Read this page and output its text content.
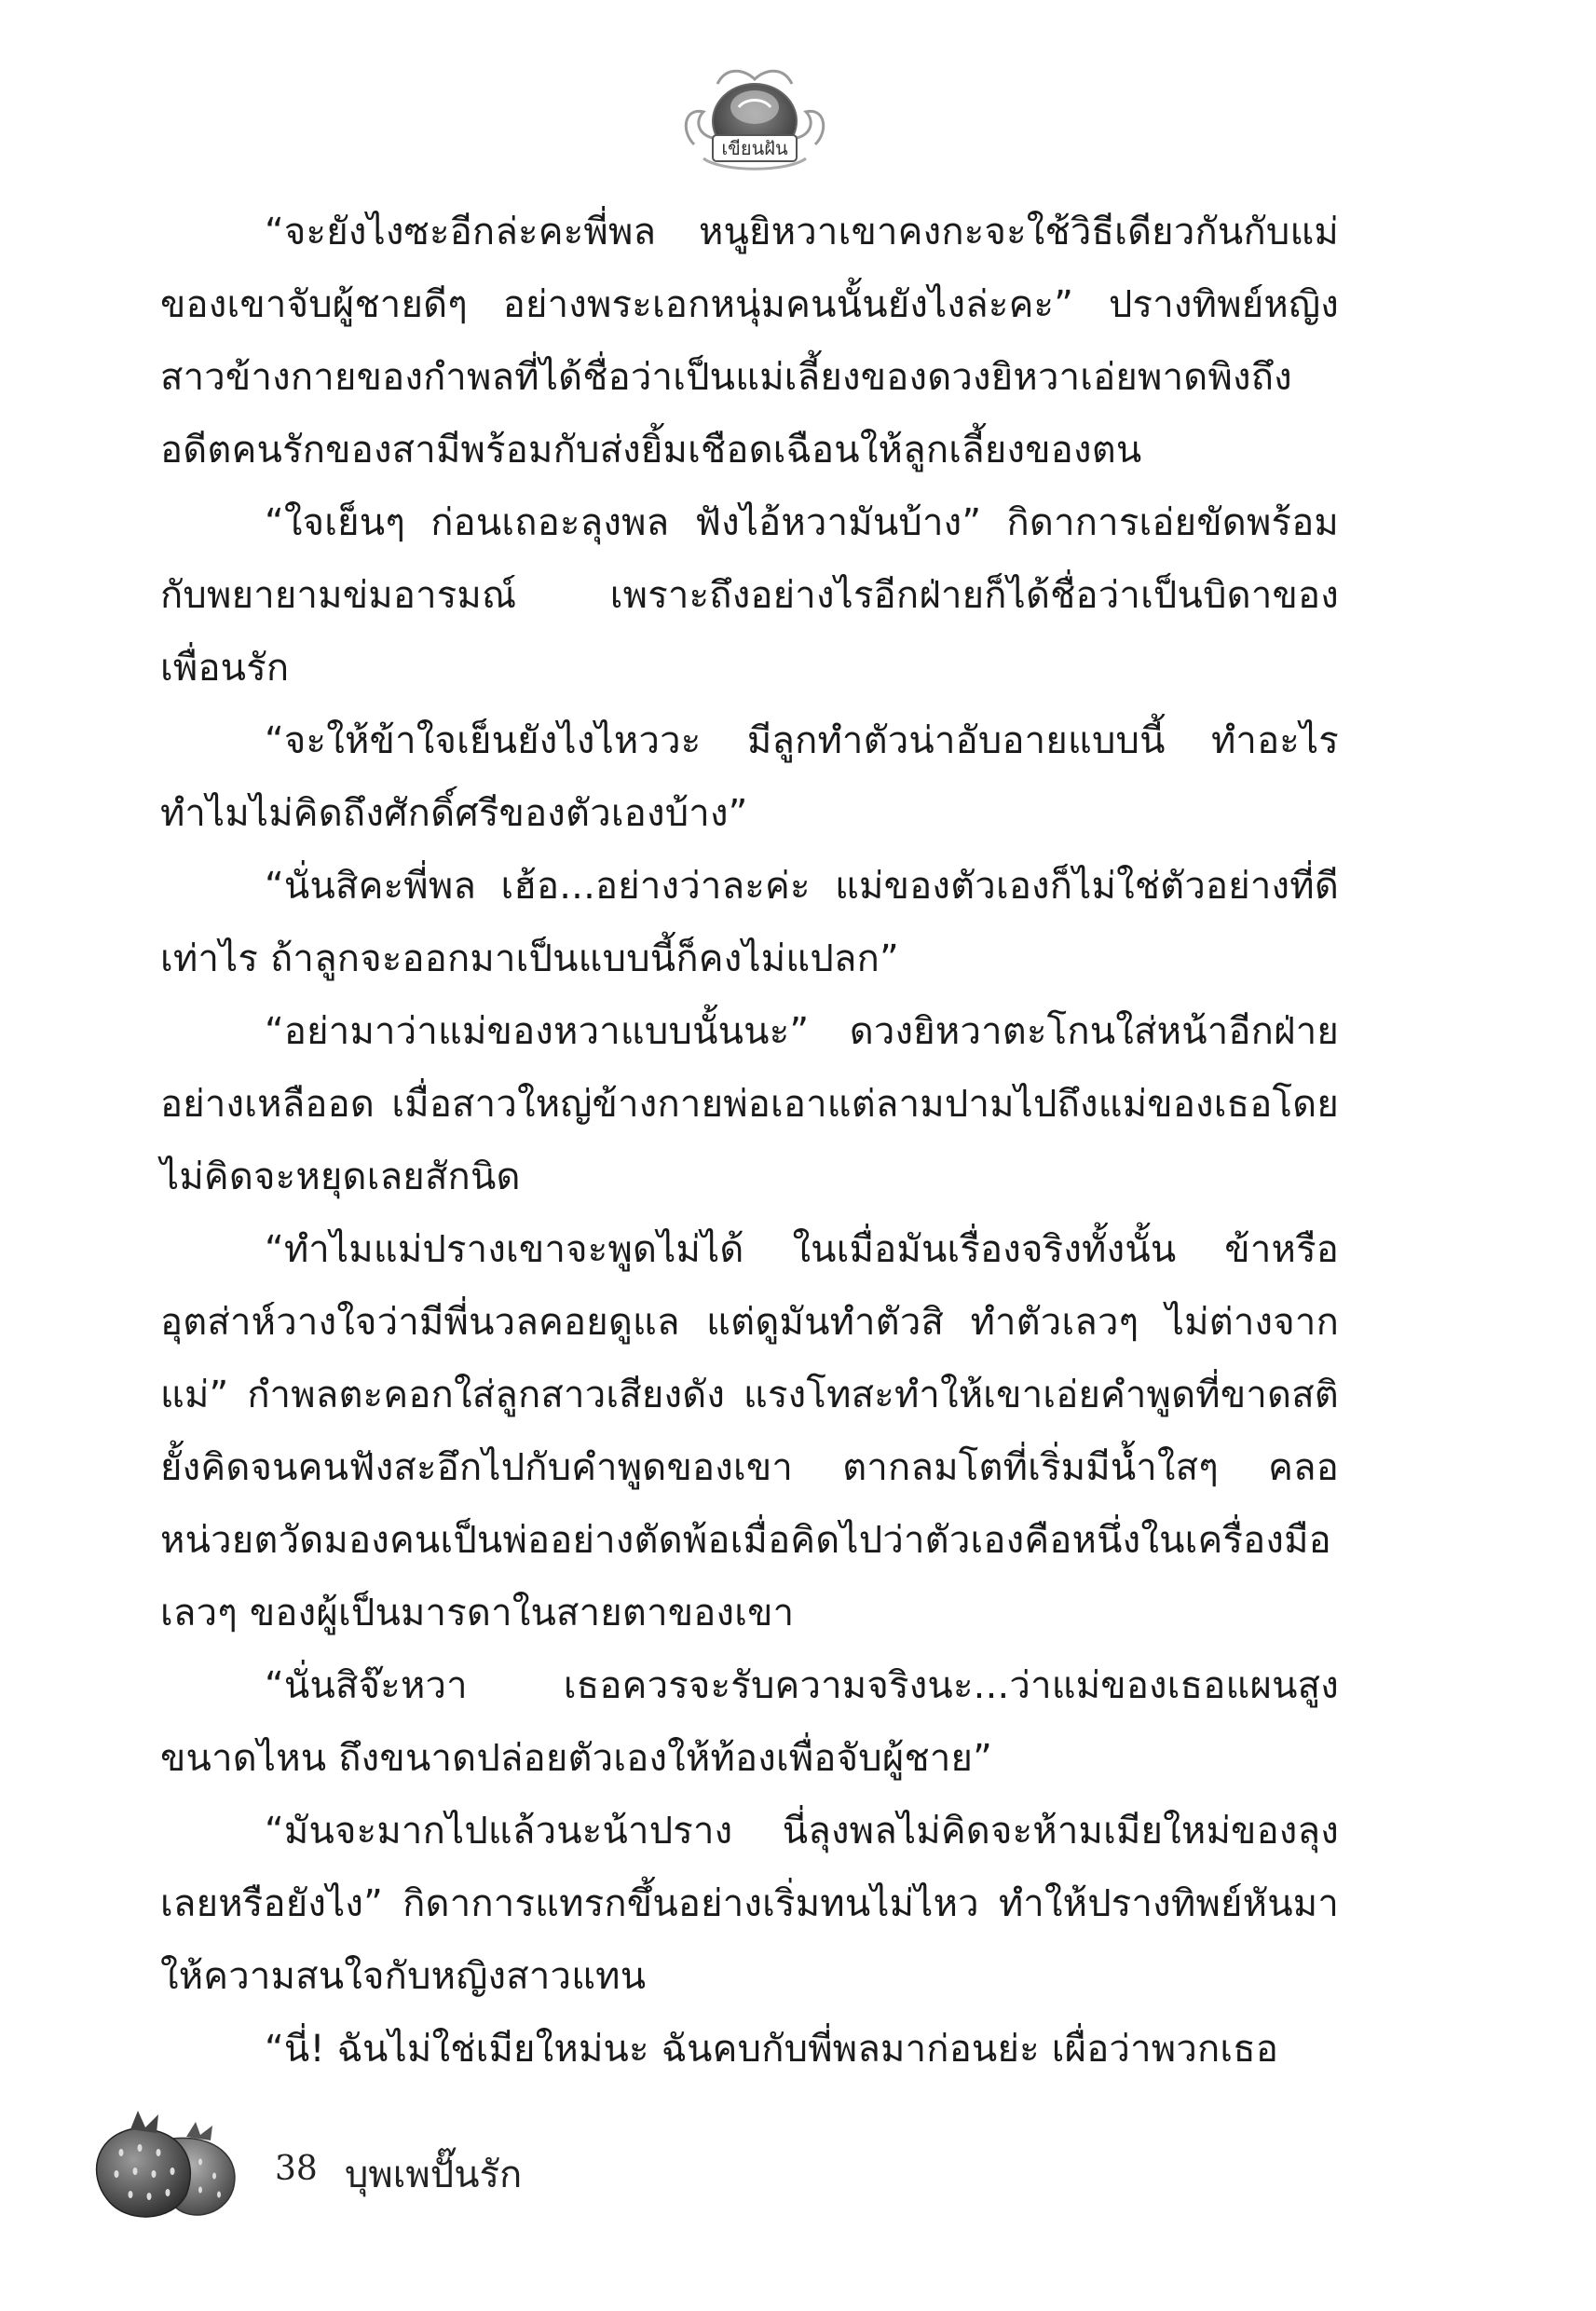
เขียนฝัน

“จะยังไงซะอีกล่ะคะพี่พล หนูยิหวาเขาคงกะจะใช้วิธีเดียวกันกับแม่ของเขาจับผู้ชายดีๆ อย่างพระเอกหนุ่มคนนั้นยังไงล่ะคะ” ปรางทิพย์หญิงสาวข้างกายของกำพลที่ได้ชื่อว่าเป็นแม่เลี้ยงของดวงยิหวาเอ่ยพาดพิงถึงอดีตคนรักของสามีพร้อมกับส่งยิ้มเชือดเฉือนให้ลูกเลี้ยงของตน

“ใจเย็นๆ ก่อนเถอะลุงพล ฟังไอ้หวามันบ้าง” กิดาการเอ่ยขัดพร้อมกับพยายามข่มอารมณ์ เพราะถึงอย่างไรอีกฝ่ายก็ได้ชื่อว่าเป็นบิดาของเพื่อนรัก

“จะให้ข้าใจเย็นยังไงไหววะ มีลูกทำตัวน่าอับอายแบบนี้ ทำอะไรทำไมไม่คิดถึงศักดิ์ศรีของตัวเองบ้าง”

“นั่นสิคะพี่พล เฮ้อ...อย่างว่าละค่ะ แม่ของตัวเองก็ไม่ใช่ตัวอย่างที่ดีเท่าไร ถ้าลูกจะออกมาเป็นแบบนี้ก็คงไม่แปลก”

“อย่ามาว่าแม่ของหวาแบบนั้นนะ” ดวงยิหวาตะโกนใส่หน้าอีกฝ่ายอย่างเหลืออด เมื่อสาวใหญ่ข้างกายพ่อเอาแต่ลามปามไปถึงแม่ของเธอโดยไม่คิดจะหยุดเลยสักนิด

“ทำไมแม่ปรางเขาจะพูดไม่ได้ ในเมื่อมันเรื่องจริงทั้งนั้น ข้าหรืออุตส่าห์วางใจว่ามีพี่นวลคอยดูแล แต่ดูมันทำตัวสิ ทำตัวเลวๆ ไม่ต่างจากแม่” กำพลตะคอกใส่ลูกสาวเสียงดัง แรงโทสะทำให้เขาเอ่ยคำพูดที่ขาดสติยั้งคิดจนคนฟังสะอึกไปกับคำพูดของเขา ตากลมโตที่เริ่มมีน้ำใสๆ คลอหน่วยตวัดมองคนเป็นพ่ออย่างตัดพ้อเมื่อคิดไปว่าตัวเองคือหนึ่งในเครื่องมือเลวๆ ของผู้เป็นมารดาในสายตาของเขา

“นั่นสิจ๊ะหวา เธอควรจะรับความจริงนะ...ว่าแม่ของเธอแผนสูงขนาดไหน ถึงขนาดปล่อยตัวเองให้ท้องเพื่อจับผู้ชาย”

“มันจะมากไปแล้วนะน้าปราง นี่ลุงพลไม่คิดจะห้ามเมียใหม่ของลุงเลยหรือยังไง” กิดาการแทรกขึ้นอย่างเริ่มทนไม่ไหว ทำให้ปรางทิพย์หันมาให้ความสนใจกับหญิงสาวแทน

“นี่! ฉันไม่ใช่เมียใหม่นะ ฉันคบกับพี่พลมาก่อนย่ะ เผื่อว่าพวกเธอ

38 บุพเพปั๊นรัก
